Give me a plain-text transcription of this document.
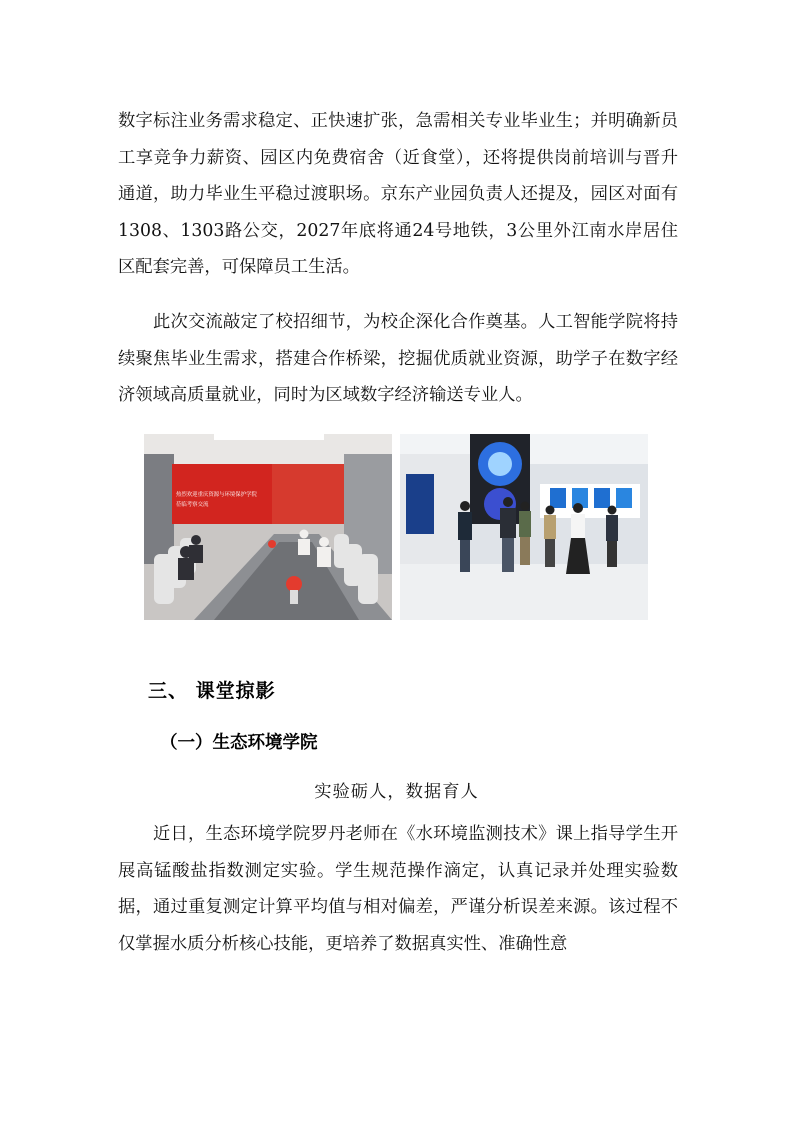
数字标注业务需求稳定、正快速扩张，急需相关专业毕业生；并明确新员工享竞争力薪资、园区内免费宿舍（近食堂），还将提供岗前培训与晋升通道，助力毕业生平稳过渡职场。京东产业园负责人还提及，园区对面有1308、1303路公交，2027年底将通24号地铁，3公里外江南水岸居住区配套完善，可保障员工生活。

此次交流敲定了校招细节，为校企深化合作奠基。人工智能学院将持续聚焦毕业生需求，搭建合作桥梁，挖掘优质就业资源，助学子在数字经济领域高质量就业，同时为区域数字经济输送专业人。

热烈欢迎重庆资源与环境保护学院
莅临考察交流
三、 课堂掠影
（一）生态环境学院

实验砺人，数据育人

近日，生态环境学院罗丹老师在《水环境监测技术》课上指导学生开展高锰酸盐指数测定实验。学生规范操作滴定，认真记录并处理实验数据，通过重复测定计算平均值与相对偏差，严谨分析误差来源。该过程不仅掌握水质分析核心技能，更培养了数据真实性、准确性意
